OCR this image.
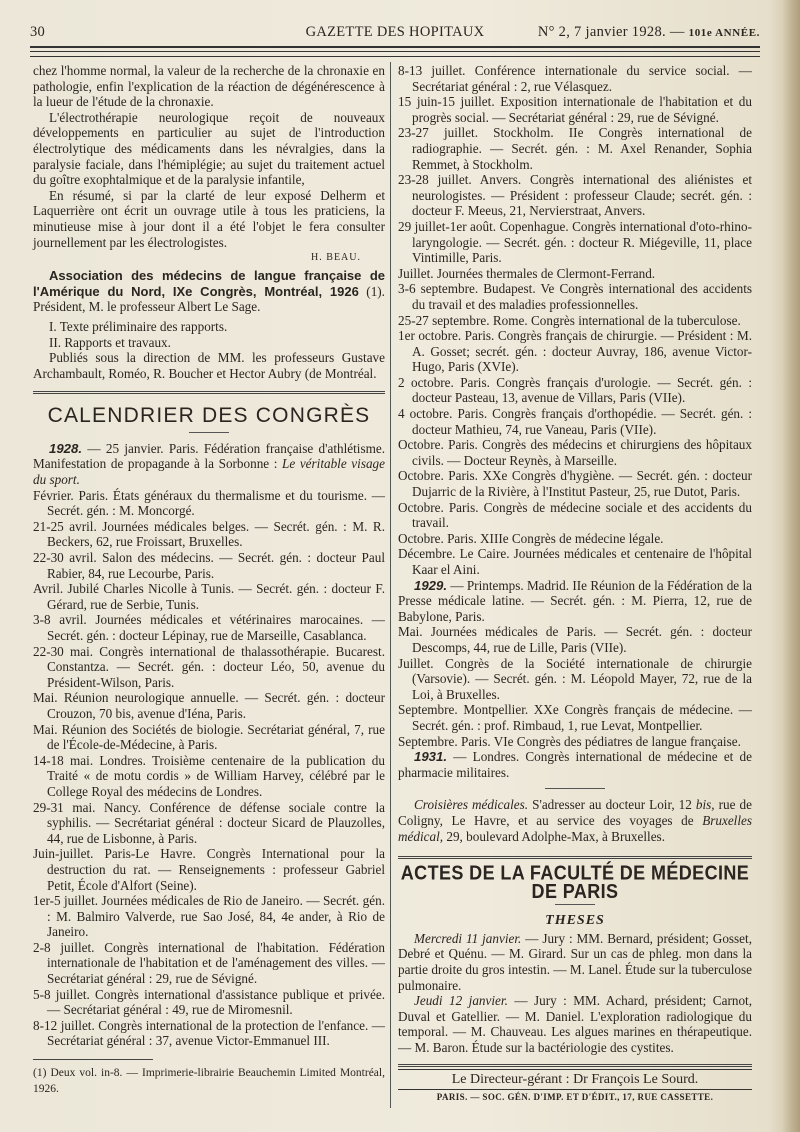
30	GAZETTE DES HOPITAUX	N° 2, 7 janvier 1928. — 101e ANNÉE.

chez l'homme normal, la valeur de la recherche de la chronaxie en pathologie, enfin l'explication de la réaction de dégénérescence à la lueur de l'étude de la chronaxie.

L'électrothérapie neurologique reçoit de nouveaux développements en particulier au sujet de l'introduction électrolytique des médicaments dans les névralgies, dans la paralysie faciale, dans l'hémiplégie; au sujet du traitement actuel du goître exophtalmique et de la paralysie infantile,

En résumé, si par la clarté de leur exposé Delherm et Laquerrière ont écrit un ouvrage utile à tous les praticiens, la minutieuse mise à jour dont il a été l'objet le fera consulter journellement par les électrologistes.

H. BEAU.

Association des médecins de langue française de l'Amérique du Nord, IXe Congrès, Montréal, 1926 (1). Président, M. le professeur Albert Le Sage.

I. Texte préliminaire des rapports.

II. Rapports et travaux.

Publiés sous la direction de MM. les professeurs Gustave Archambault, Roméo, R. Boucher et Hector Aubry (de Montréal.

CALENDRIER DES CONGRÈS

1928. — 25 janvier. Paris. Fédération française d'athlétisme. Manifestation de propagande à la Sorbonne : Le véritable visage du sport.

Février. Paris. États généraux du thermalisme et du tourisme. — Secrét. gén. : M. Moncorgé.

21-25 avril. Journées médicales belges. — Secrét. gén. : M. R. Beckers, 62, rue Froissart, Bruxelles.

22-30 avril. Salon des médecins. — Secrét. gén. : docteur Paul Rabier, 84, rue Lecourbe, Paris.

Avril. Jubilé Charles Nicolle à Tunis. — Secrét. gén. : docteur F. Gérard, rue de Serbie, Tunis.

3-8 avril. Journées médicales et vétérinaires marocaines. — Secrét. gén. : docteur Lépinay, rue de Marseille, Casablanca.

22-30 mai. Congrès international de thalassothérapie. Bucarest. Constantza. — Secrét. gén. : docteur Léo, 50, avenue du Président-Wilson, Paris.

Mai. Réunion neurologique annuelle. — Secrét. gén. : docteur Crouzon, 70 bis, avenue d'Iéna, Paris.

Mai. Réunion des Sociétés de biologie. Secrétariat général, 7, rue de l'École-de-Médecine, à Paris.

14-18 mai. Londres. Troisième centenaire de la publication du Traité « de motu cordis » de William Harvey, célébré par le College Royal des médecins de Londres.

29-31 mai. Nancy. Conférence de défense sociale contre la syphilis. — Secrétariat général : docteur Sicard de Plauzolles, 44, rue de Lisbonne, à Paris.

Juin-juillet. Paris-Le Havre. Congrès International pour la destruction du rat. — Renseignements : professeur Gabriel Petit, École d'Alfort (Seine).

1er-5 juillet. Journées médicales de Rio de Janeiro. — Secrét. gén. : M. Balmiro Valverde, rue Sao José, 84, 4e ander, à Rio de Janeiro.

2-8 juillet. Congrès international de l'habitation. Fédération internationale de l'habitation et de l'aménagement des villes. — Secrétariat général : 29, rue de Sévigné.

5-8 juillet. Congrès international d'assistance publique et privée. — Secrétariat général : 49, rue de Miromesnil.

8-12 juillet. Congrès international de la protection de l'enfance. — Secrétariat général : 37, avenue Victor-Emmanuel III.

(1) Deux vol. in-8. — Imprimerie-librairie Beauchemin Limited Montréal, 1926.

8-13 juillet. Conférence internationale du service social. — Secrétariat général : 2, rue Vélasquez.

15 juin-15 juillet. Exposition internationale de l'habitation et du progrès social. — Secrétariat général : 29, rue de Sévigné.

23-27 juillet. Stockholm. IIe Congrès international de radiographie. — Secrét. gén. : M. Axel Renander, Sophia Remmet, à Stockholm.

23-28 juillet. Anvers. Congrès international des aliénistes et neurologistes. — Président : professeur Claude; secrét. gén. : docteur F. Meeus, 21, Nervierstraat, Anvers.

29 juillet-1er août. Copenhague. Congrès international d'oto-rhino-laryngologie. — Secrét. gén. : docteur R. Miégeville, 11, place Vintimille, Paris.

Juillet. Journées thermales de Clermont-Ferrand.

3-6 septembre. Budapest. Ve Congrès international des accidents du travail et des maladies professionnelles.

25-27 septembre. Rome. Congrès international de la tuberculose.

1er octobre. Paris. Congrès français de chirurgie. — Président : M. A. Gosset; secrét. gén. : docteur Auvray, 186, avenue Victor-Hugo, Paris (XVIe).

2 octobre. Paris. Congrès français d'urologie. — Secrét. gén. : docteur Pasteau, 13, avenue de Villars, Paris (VIIe).

4 octobre. Paris. Congrès français d'orthopédie. — Secrét. gén. : docteur Mathieu, 74, rue Vaneau, Paris (VIIe).

Octobre. Paris. Congrès des médecins et chirurgiens des hôpitaux civils. — Docteur Reynès, à Marseille.

Octobre. Paris. XXe Congrès d'hygiène. — Secrét. gén. : docteur Dujarric de la Rivière, à l'Institut Pasteur, 25, rue Dutot, Paris.

Octobre. Paris. Congrès de médecine sociale et des accidents du travail.

Octobre. Paris. XIIIe Congrès de médecine légale.

Décembre. Le Caire. Journées médicales et centenaire de l'hôpital Kaar el Aini.

1929. — Printemps. Madrid. IIe Réunion de la Fédération de la Presse médicale latine. — Secrét. gén. : M. Pierra, 12, rue de Babylone, Paris.

Mai. Journées médicales de Paris. — Secrét. gén. : docteur Descomps, 44, rue de Lille, Paris (VIIe).

Juillet. Congrès de la Société internationale de chirurgie (Varsovie). — Secrét. gén. : M. Léopold Mayer, 72, rue de la Loi, à Bruxelles.

Septembre. Montpellier. XXe Congrès français de médecine. — Secrét. gén. : prof. Rimbaud, 1, rue Levat, Montpellier.

Septembre. Paris. VIe Congrès des pédiatres de langue française.

1931. — Londres. Congrès international de médecine et de pharmacie militaires.

Croisières médicales. S'adresser au docteur Loir, 12 bis, rue de Coligny, Le Havre, et au service des voyages de Bruxelles médical, 29, boulevard Adolphe-Max, à Bruxelles.

ACTES DE LA FACULTÉ DE MÉDECINE DE PARIS
THESES

Mercredi 11 janvier. — Jury : MM. Bernard, président; Gosset, Debré et Quénu. — M. Girard. Sur un cas de phleg. mon dans la partie droite du gros intestin. — M. Lanel. Étude sur la tuberculose pulmonaire.

Jeudi 12 janvier. — Jury : MM. Achard, président; Carnot, Duval et Gatellier. — M. Daniel. L'exploration radiologique du temporal. — M. Chauveau. Les algues marines en thérapeutique. — M. Baron. Étude sur la bactériologie des cystites.

Le Directeur-gérant : Dr François Le Sourd.
PARIS. — SOC. GÉN. D'IMP. ET D'ÉDIT., 17, RUE CASSETTE.
